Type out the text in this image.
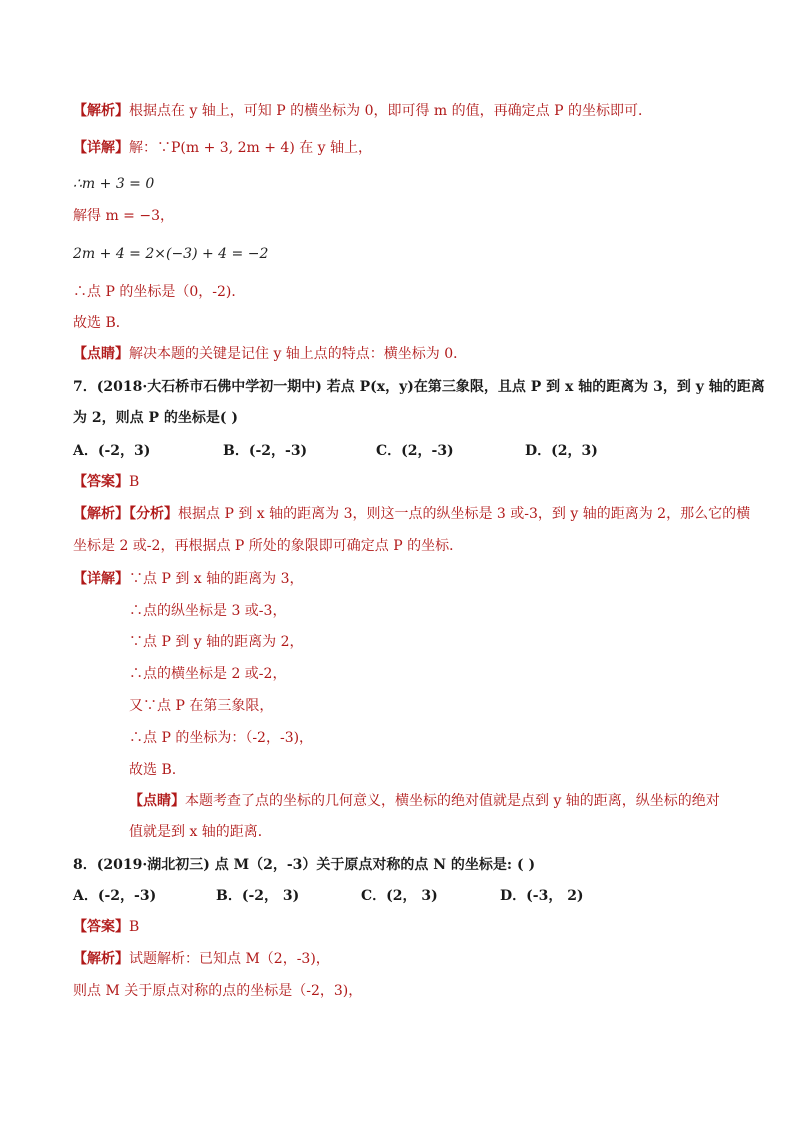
【解析】根据点在 y 轴上，可知 P 的横坐标为 0，即可得 m 的值，再确定点 P 的坐标即可．
【详解】解：∵P(m + 3, 2m + 4) 在 y 轴上，
∴m + 3 = 0
解得 m = −3，
2m + 4 = 2×(−3) + 4 = −2
∴点 P 的坐标是（0，-2)．
故选 B．
【点睛】解决本题的关键是记住 y 轴上点的特点：横坐标为 0．
7．(2018·大石桥市石佛中学初一期中) 若点 P(x，y)在第三象限，且点 P 到 x 轴的距离为 3，到 y 轴的距离
为 2，则点 P 的坐标是( )
A．(-2，3)	B．(-2，-3)	C．(2，-3)	D．(2，3)
【答案】B
【解析】【分析】根据点 P 到 x 轴的距离为 3，则这一点的纵坐标是 3 或-3，到 y 轴的距离为 2，那么它的横
坐标是 2 或-2，再根据点 P 所处的象限即可确定点 P 的坐标．
【详解】∵点 P 到 x 轴的距离为 3，
∴点的纵坐标是 3 或-3，
∵点 P 到 y 轴的距离为 2，
∴点的横坐标是 2 或-2，
又∵点 P 在第三象限，
∴点 P 的坐标为：（-2，-3)，
故选 B.
【点睛】本题考查了点的坐标的几何意义，横坐标的绝对值就是点到 y 轴的距离，纵坐标的绝对
值就是到 x 轴的距离．
8．(2019·湖北初三) 点 M（2，-3）关于原点对称的点 N 的坐标是: ( )
A．(-2，-3)	B．(-2， 3)	C．(2， 3)	D．(-3， 2)
【答案】B
【解析】试题解析：已知点 M（2，-3)，
则点 M 关于原点对称的点的坐标是（-2，3)，
